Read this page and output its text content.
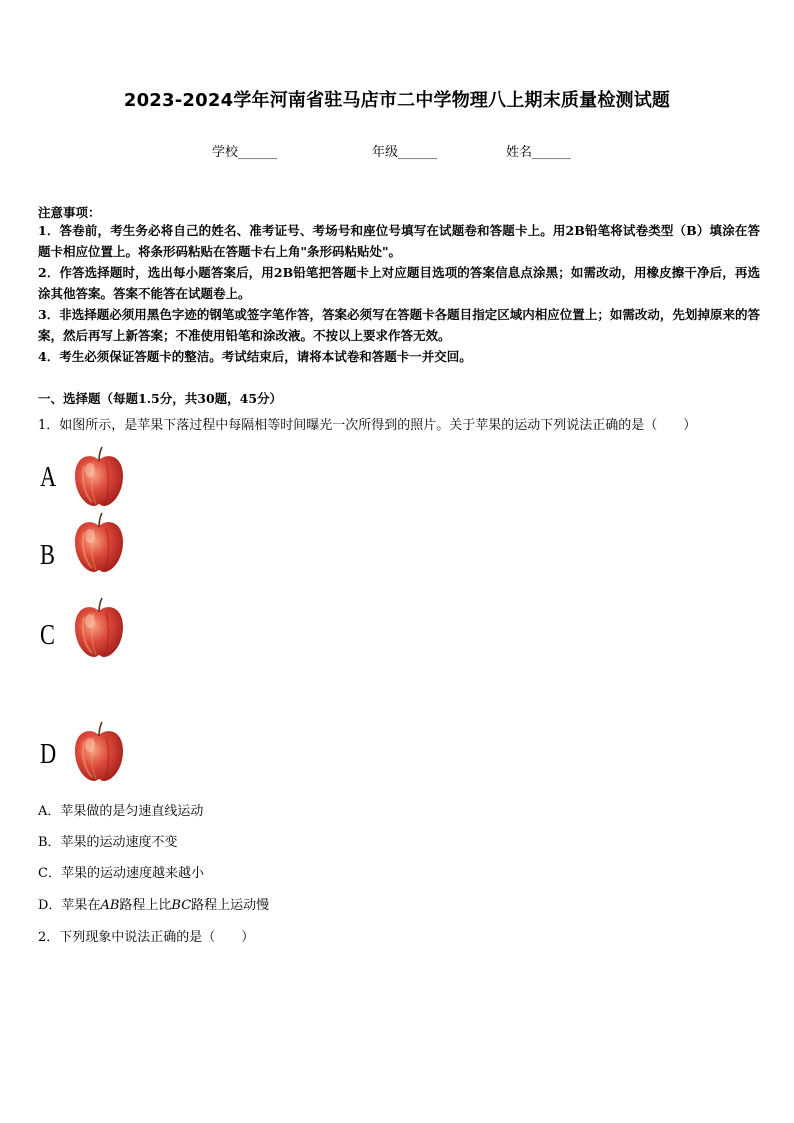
2023-2024学年河南省驻马店市二中学物理八上期末质量检测试题
学校______	年级______	姓名______
注意事项：
1．答卷前，考生务必将自己的姓名、准考证号、考场号和座位号填写在试题卷和答题卡上。用2B铅笔将试卷类型（B）填涂在答题卡相应位置上。将条形码粘贴在答题卡右上角"条形码粘贴处"。
2．作答选择题时，选出每小题答案后，用2B铅笔把答题卡上对应题目选项的答案信息点涂黑；如需改动，用橡皮擦干净后，再选涂其他答案。答案不能答在试题卷上。
3．非选择题必须用黑色字迹的钢笔或签字笔作答，答案必须写在答题卡各题目指定区域内相应位置上；如需改动，先划掉原来的答案，然后再写上新答案；不准使用铅笔和涂改液。不按以上要求作答无效。
4．考生必须保证答题卡的整洁。考试结束后，请将本试卷和答题卡一并交回。
一、选择题（每题1.5分，共30题，45分）
1．如图所示，是苹果下落过程中每隔相等时间曝光一次所得到的照片。关于苹果的运动下列说法正确的是（　　）
A
B
C
D
A．苹果做的是匀速直线运动
B．苹果的运动速度不变
C．苹果的运动速度越来越小
D．苹果在AB路程上比BC路程上运动慢
2．下列现象中说法正确的是（　　）
